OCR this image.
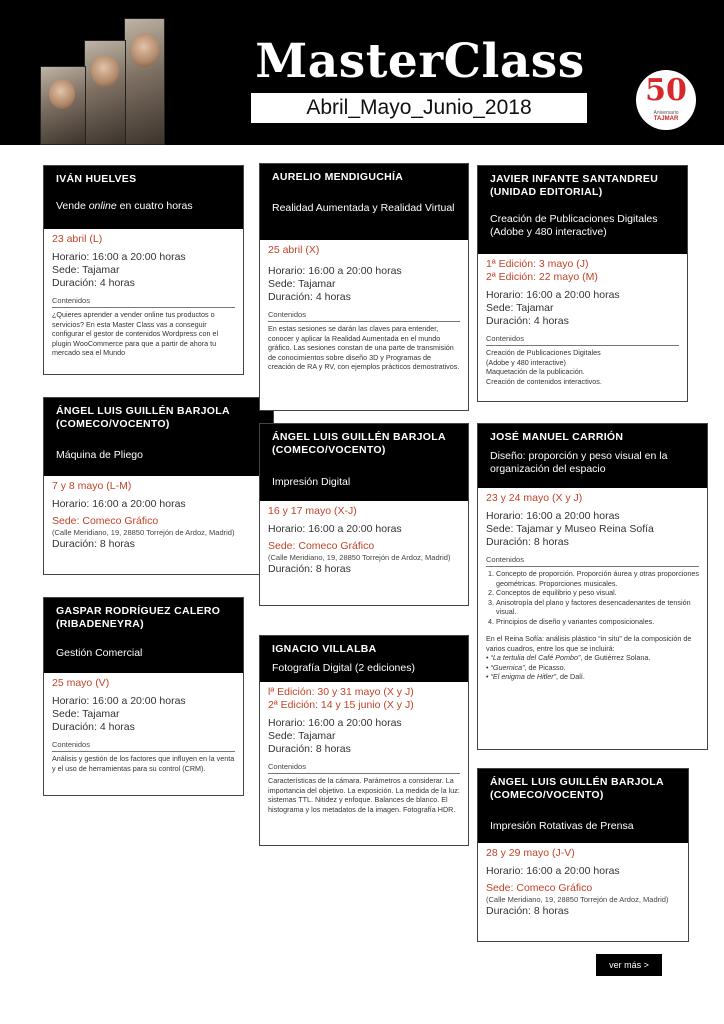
MasterClass
Abril_Mayo_Junio_2018	50
Aniversario
TAJMAR
IVÁN HUELVES
Vende online en cuatro horas
23 abril (L)
Horario: 16:00 a 20:00 horas
Sede: Tajamar
Duración: 4 horas
Contenidos
¿Quieres aprender a vender online tus productos o servicios? En esta Master Class vas a conseguir configurar el gestor de contenidos Wordpress con el plugin WooCommerce para que a partir de ahora tu mercado sea el Mundo
ÁNGEL LUIS GUILLÉN BARJOLA (COMECO/VOCENTO)
Máquina de Pliego
7 y 8 mayo (L-M)
Horario: 16:00 a 20:00 horas
Sede: Comeco Gráfico
(Calle Meridiano, 19, 28850 Torrejón de Ardoz, Madrid)
Duración: 8 horas
GASPAR RODRÍGUEZ CALERO (RIBADENEYRA)
Gestión Comercial
25 mayo (V)
Horario: 16:00 a 20:00 horas
Sede: Tajamar
Duración: 4 horas
Contenidos
Análisis y gestión de los factores que influyen en la venta y el uso de herramientas para su control (CRM).
AURELIO MENDIGUCHÍA
Realidad Aumentada y Realidad Virtual
25 abril (X)
Horario: 16:00 a 20:00 horas
Sede: Tajamar
Duración: 4 horas
Contenidos
En estas sesiones se darán las claves para entender, conocer y aplicar la Realidad Aumentada en el mundo gráfico. Las sesiones constan de una parte de transmisión de conocimientos sobre diseño 3D y Programas de creación de RA y RV, con ejemplos prácticos demostrativos.
ÁNGEL LUIS GUILLÉN BARJOLA (COMECO/VOCENTO)
Impresión Digital
16 y 17 mayo (X-J)
Horario: 16:00 a 20:00 horas
Sede: Comeco Gráfico
(Calle Meridiano, 19, 28850 Torrejón de Ardoz, Madrid)
Duración: 8 horas
IGNACIO VILLALBA
Fotografía Digital (2 ediciones)
lª Edición: 30 y 31 mayo (X y J)
2ª Edición: 14 y 15 junio (X y J)
Horario: 16:00 a 20:00 horas
Sede: Tajamar
Duración: 8 horas
Contenidos
Características de la cámara. Parámetros a considerar. La importancia del objetivo. La exposición. La medida de la luz: sistemas TTL. Nitidez y enfoque. Balances de blanco. El histograma y los metadatos de la imagen. Fotografía HDR.
JAVIER INFANTE SANTANDREU (UNIDAD EDITORIAL)
Creación de Publicaciones Digitales (Adobe y 480 interactive)
1ª Edición: 3 mayo (J)
2ª Edición: 22 mayo (M)
Horario: 16:00 a 20:00 horas
Sede: Tajamar
Duración: 4 horas
Contenidos

Creación de Publicaciones Digitales

(Adobe y 480 interactive)

Maquetación de la publicación.

Creación de contenidos interactivos.

JOSÉ MANUEL CARRIÓN
Diseño: proporción y peso visual en la organización del espacio
23 y 24 mayo (X y J)
Horario: 16:00 a 20:00 horas
Sede: Tajamar y Museo Reina Sofía
Duración: 8 horas
Contenidos
1. Concepto de proporción. Proporción áurea y otras proporciones geométricas. Proporciones musicales.
2. Conceptos de equilibrio y peso visual.
3. Anisotropía del plano y factores desencadenantes de tensión visual.
4. Principios de diseño y variantes composicionales.

En el Reina Sofía: análisis plástico “in situ” de la composición de varios cuadros, entre los que se incluirá:

• “La tertulia del Café Pombo”, de Gutiérrez Solana.

• “Guernica”, de Picasso.

• “El enigma de Hitler”, de Dalí.

ÁNGEL LUIS GUILLÉN BARJOLA (COMECO/VOCENTO)
Impresión Rotativas de Prensa
28 y 29 mayo (J-V)
Horario: 16:00 a 20:00 horas
Sede: Comeco Gráfico
(Calle Meridiano, 19, 28850 Torrejón de Ardoz, Madrid)
Duración: 8 horas
ver más >
